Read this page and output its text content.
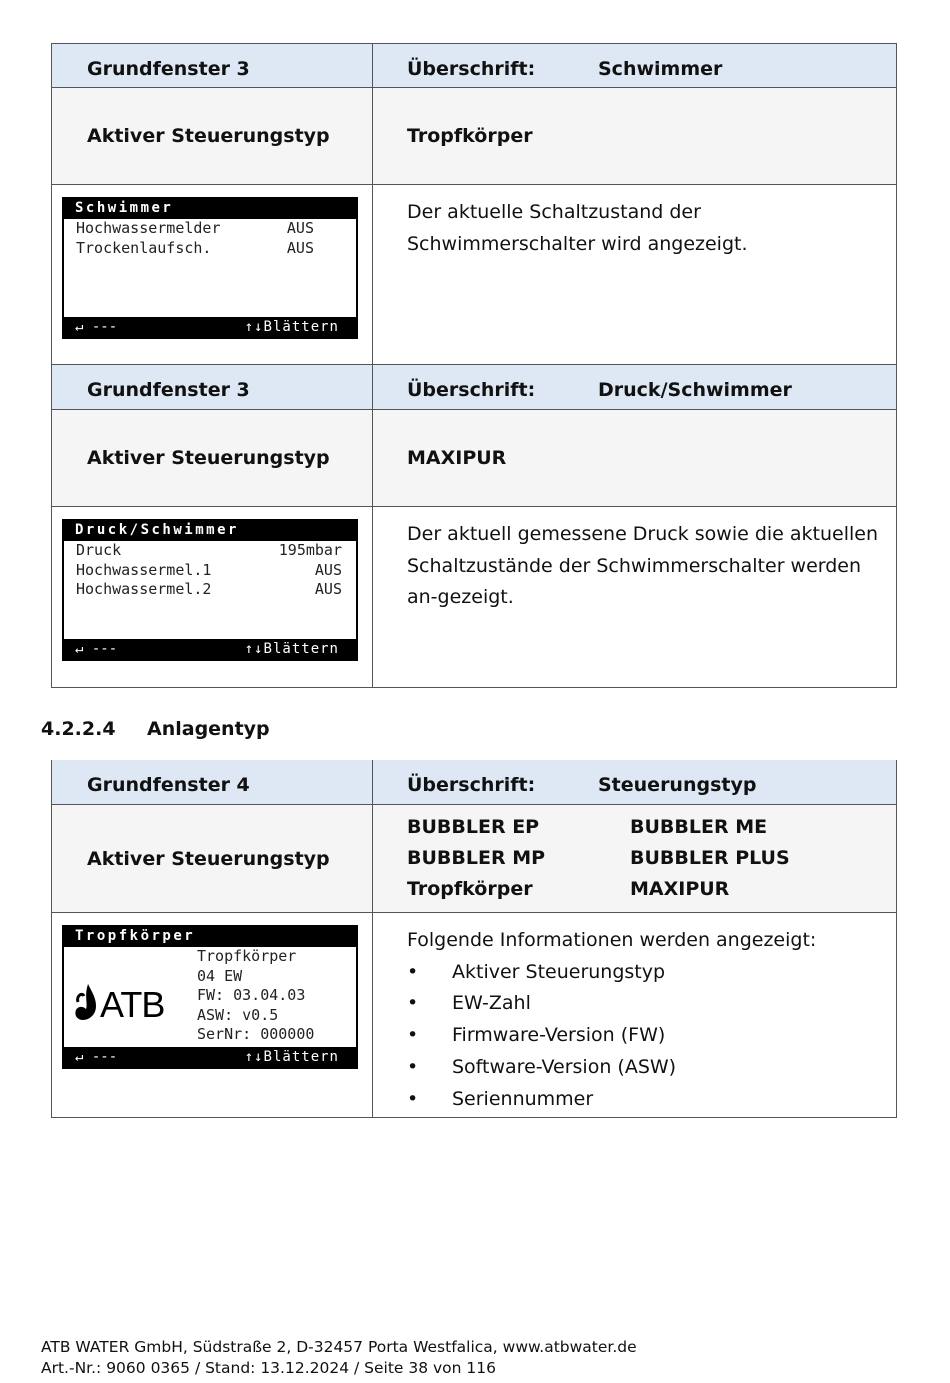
Grundfenster 3	Überschrift:	Schwimmer
Aktiver Steuerungstyp	Tropfkörper
Schwimmer
Hochwassermelder	AUS
Trockenlaufsch.	AUS
↵ ---	↑↓Blättern
Der aktuelle Schaltzustand der Schwimmerschalter wird angezeigt.
Grundfenster 3	Überschrift:	Druck/Schwimmer
Aktiver Steuerungstyp	MAXIPUR
Druck/Schwimmer
Druck	195mbar
Hochwassermel.1	AUS
Hochwassermel.2	AUS
↵ ---	↑↓Blättern
Der aktuell gemessene Druck sowie die aktuellen Schaltzustände der Schwimmerschalter werden an-gezeigt.
4.2.2.4 Anlagentyp
Grundfenster 4	Überschrift:	Steuerungstyp
Aktiver Steuerungstyp
BUBBLER EP	BUBBLER ME
BUBBLER MP	BUBBLER PLUS
Tropfkörper	MAXIPUR
Tropfkörper
ATB
Tropfkörper
04 EW
FW: 03.04.03
ASW: v0.5
SerNr: 000000
↵ ---	↑↓Blättern
Folgende Informationen werden angezeigt:
• Aktiver Steuerungstyp
• EW-Zahl
• Firmware-Version (FW)
• Software-Version (ASW)
• Seriennummer
ATB WATER GmbH, Südstraße 2, D-32457 Porta Westfalica, www.atbwater.de
Art.-Nr.: 9060 0365 / Stand: 13.12.2024 / Seite 38 von 116
